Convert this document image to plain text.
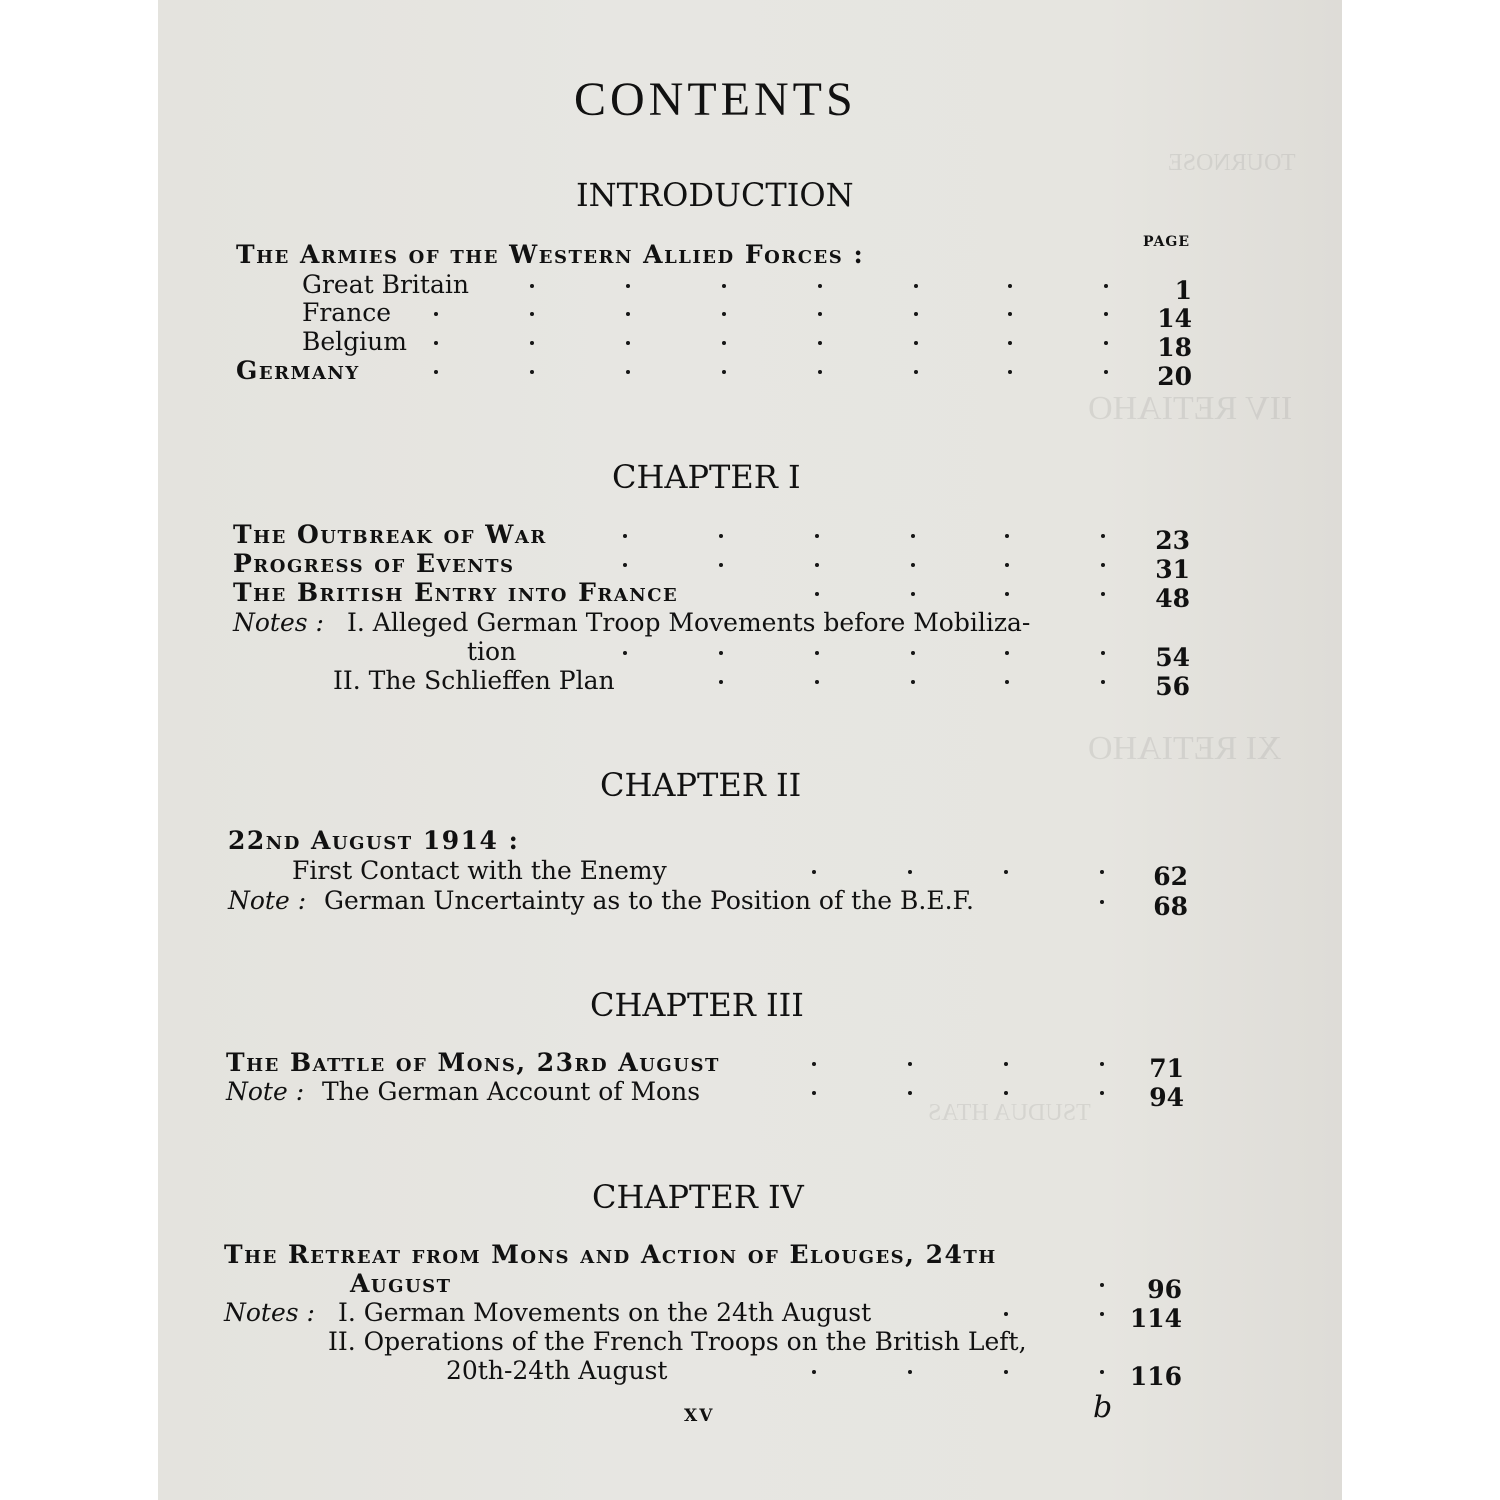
TOURNOSE
IIV RETIAHO
XI RETIAHO
TSUDUA HTAS
CONTENTS
INTRODUCTION
PAGE
The Armies of the Western Allied Forces :
Great Britain	1
France	14
Belgium	18
Germany	20
CHAPTER I
The Outbreak of War	23
Progress of Events	31
The British Entry into France	48
Notes : I. Alleged German Troop Movements before Mobiliza-
tion	54
II. The Schlieffen Plan	56
CHAPTER II
22nd August 1914 :
First Contact with the Enemy	62
Note : German Uncertainty as to the Position of the B.E.F.	68
CHAPTER III
The Battle of Mons, 23rd August	71
Note : The German Account of Mons	94
CHAPTER IV
The Retreat from Mons and Action of Elouges, 24th
August	96
Notes : I. German Movements on the 24th August	114
II. Operations of the French Troops on the British Left,
20th-24th August	116
xv	b
